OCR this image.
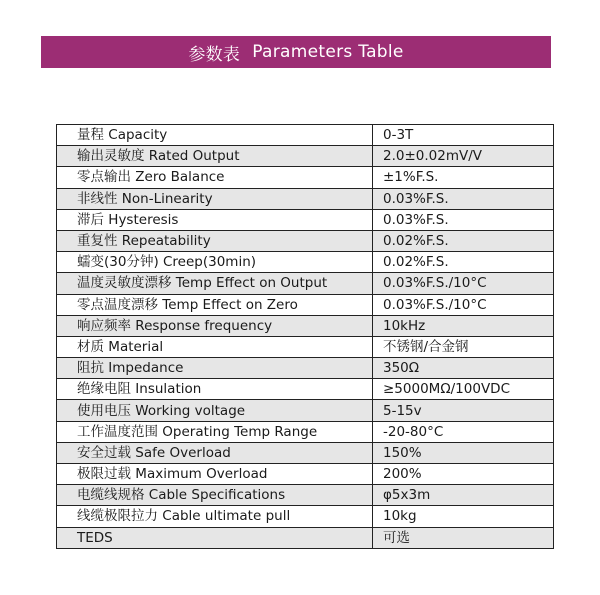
参数表 Parameters Table
量程 Capacity	0-3T
输出灵敏度 Rated Output	2.0±0.02mV/V
零点输出 Zero Balance	±1%F.S.
非线性 Non-Linearity	0.03%F.S.
滞后 Hysteresis	0.03%F.S.
重复性 Repeatability	0.02%F.S.
蠕变(30分钟) Creep(30min)	0.02%F.S.
温度灵敏度漂移 Temp Effect on Output	0.03%F.S./10°C
零点温度漂移 Temp Effect on Zero	0.03%F.S./10°C
响应频率 Response frequency	10kHz
材质 Material	不锈钢/合金钢
阻抗 Impedance	350Ω
绝缘电阻 Insulation	≥5000MΩ/100VDC
使用电压 Working voltage	5-15v
工作温度范围 Operating Temp Range	-20-80°C
安全过载 Safe Overload	150%
极限过载 Maximum Overload	200%
电缆线规格 Cable Specifications	φ5x3m
线缆极限拉力 Cable ultimate pull	10kg
TEDS	可选
